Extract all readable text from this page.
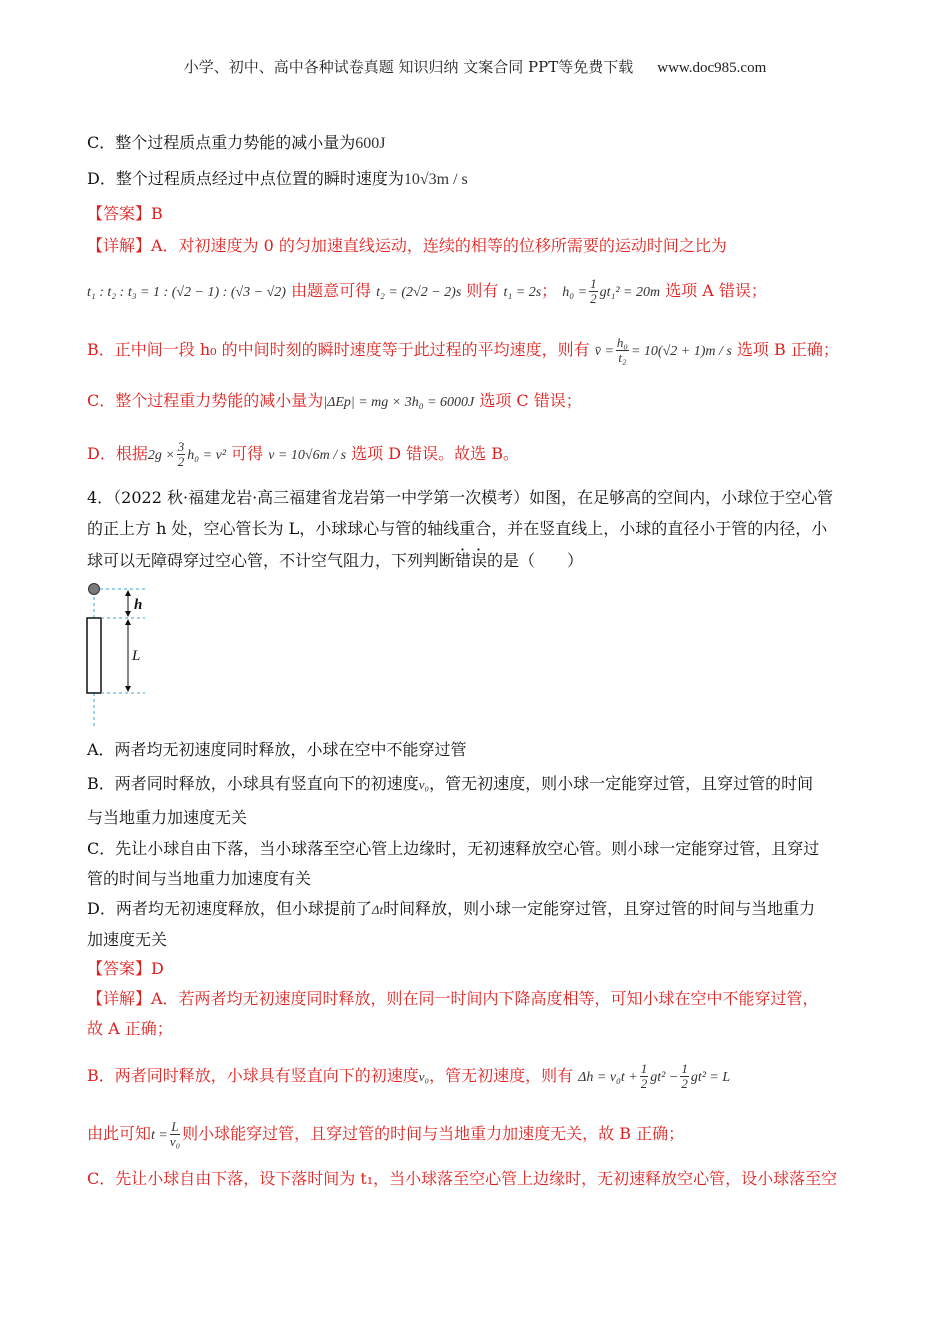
小学、初中、高中各种试卷真题 知识归纳 文案合同 PPT等免费下载 www.doc985.com
C．整个过程质点重力势能的减小量为600J
D．整个过程质点经过中点位置的瞬时速度为10√3m / s
【答案】B
【详解】A．对初速度为 0 的匀加速直线运动，连续的相等的位移所需要的运动时间之比为
t₁ : t₂ : t₃ = 1 : (√2 − 1) : (√3 − √2) 由题意可得 t₂ = (2√2 − 2)s 则有 t₁ = 2s； $h_0 = \frac{1}{2} gt_1^2 = 20m$ 选项 A 错误；
B．正中间一段 h₀ 的中间时刻的瞬时速度等于此过程的平均速度，则有 v̄ = $\frac{\text{h₀}}{\text{t₂}} = 10(√2 + 1)m / s$ 选项 B 正确；
C．整个过程重力势能的减小量为|ΔEp| = mg × 3h₀ = 6000J 选项 C 错误；
D．根据$2g \times \frac{3}{2} h_0 = v^2$ 可得 v = 10√6m / s 选项 D 错误。故选 B。
4．（2022 秋·福建龙岩·高三福建省龙岩第一中学第一次模考）如图，在足够高的空间内，小球位于空心管
的正上方 h 处，空心管长为 L，小球球心与管的轴线重合，并在竖直线上，小球的直径小于管的内径，小
球可以无障碍穿过空心管，不计空气阻力，下列判断错误的是（　　）
h
L
A．两者均无初速度同时释放，小球在空中不能穿过管
B．两者同时释放，小球具有竖直向下的初速度v₀，管无初速度，则小球一定能穿过管，且穿过管的时间
与当地重力加速度无关
C．先让小球自由下落，当小球落至空心管上边缘时，无初速释放空心管。则小球一定能穿过管，且穿过
管的时间与当地重力加速度有关
D．两者均无初速度释放，但小球提前了Δt时间释放，则小球一定能穿过管，且穿过管的时间与当地重力
加速度无关
【答案】D
【详解】A．若两者均无初速度同时释放，则在同一时间内下降高度相等，可知小球在空中不能穿过管，
故 A 正确；
B．两者同时释放，小球具有竖直向下的初速度v₀，管无初速度，则有 $\Delta h = v_0t + \frac{1}{2} gt^2 - \frac{1}{2} gt^2 = L$
由此可知$t = \frac{L}{\text{v₀}}$ 则小球能穿过管，且穿过管的时间与当地重力加速度无关，故 B 正确；
C．先让小球自由下落，设下落时间为 t₁，当小球落至空心管上边缘时，无初速释放空心管，设小球落至空
